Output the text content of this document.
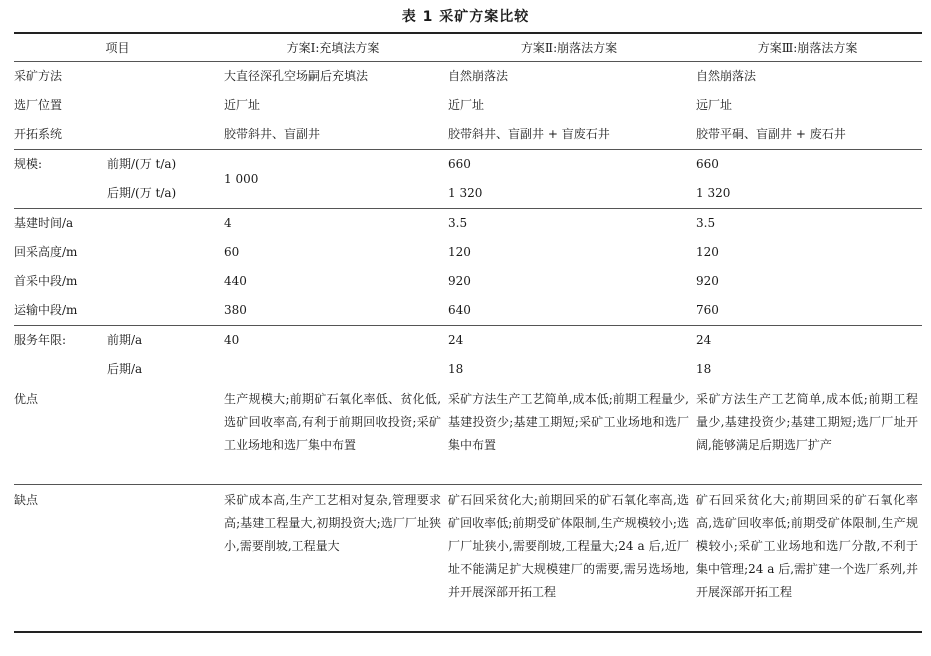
表 1 采矿方案比较
项目		方案Ⅰ:充填法方案	方案Ⅱ:崩落法方案	方案Ⅲ:崩落法方案
采矿方法		大直径深孔空场嗣后充填法	自然崩落法	自然崩落法
选厂位置		近厂址	近厂址	远厂址
开拓系统		胶带斜井、盲副井	胶带斜井、盲副井 + 盲废石井	胶带平硐、盲副井 + 废石井
规模:	前期/(万 t/a)	1 000	660	660
	后期/(万 t/a)		1 320	1 320
基建时间/a		4	3.5	3.5
回采高度/m		60	120	120
首采中段/m		440	920	920
运输中段/m		380	640	760
服务年限:	前期/a	40	24	24
	后期/a		18	18
优点		生产规模大;前期矿石氧化率低、贫化低,选矿回收率高,有利于前期回收投资;采矿工业场地和选厂集中布置	采矿方法生产工艺简单,成本低;前期工程量少,基建投资少;基建工期短;采矿工业场地和选厂集中布置	采矿方法生产工艺简单,成本低;前期工程量少,基建投资少;基建工期短;选厂厂址开阔,能够满足后期选厂扩产
缺点		采矿成本高,生产工艺相对复杂,管理要求高;基建工程量大,初期投资大;选厂厂址狭小,需要削坡,工程量大	矿石回采贫化大;前期回采的矿石氧化率高,选矿回收率低;前期受矿体限制,生产规模较小;选厂厂址狭小,需要削坡,工程量大;24 a 后,近厂址不能满足扩大规模建厂的需要,需另选场地,并开展深部开拓工程	矿石回采贫化大;前期回采的矿石氧化率高,选矿回收率低;前期受矿体限制,生产规模较小;采矿工业场地和选厂分散,不利于集中管理;24 a 后,需扩建一个选厂系列,并开展深部开拓工程
